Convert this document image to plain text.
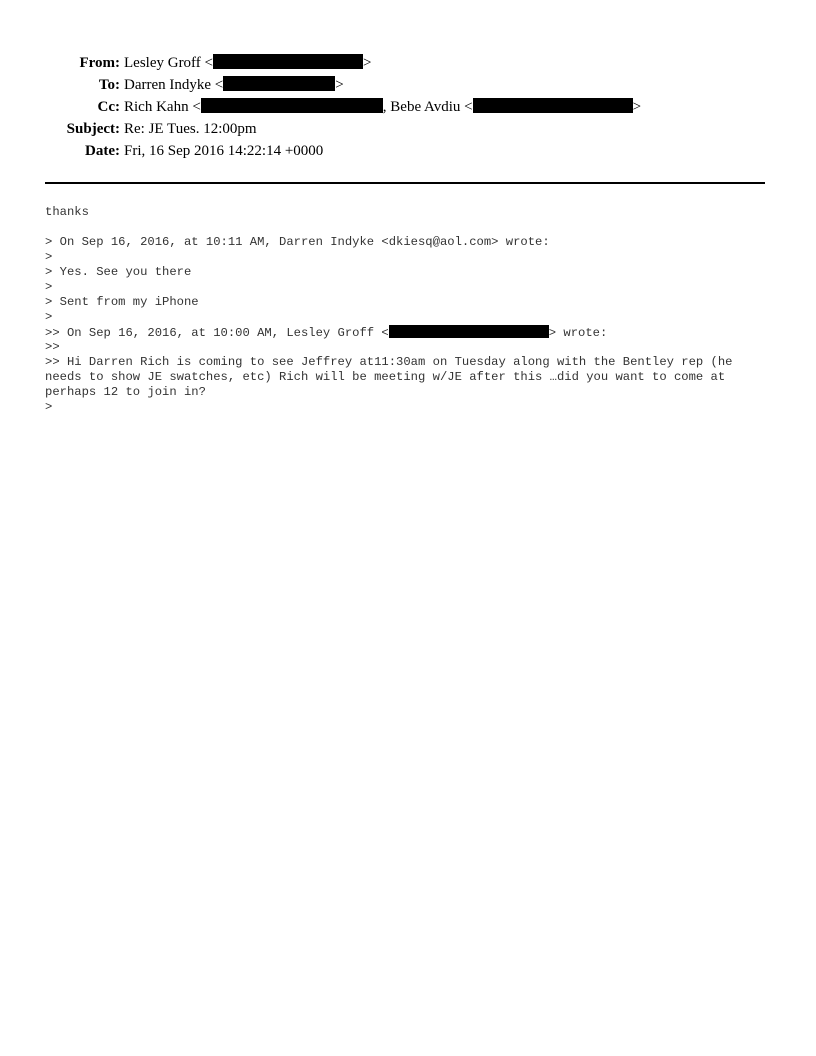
From: Lesley Groff <	>
To: Darren Indyke <	>
Cc: Rich Kahn <	, Bebe Avdiu <	>
Subject: Re: JE Tues. 12:00pm
Date: Fri, 16 Sep 2016 14:22:14 +0000
thanks
> On Sep 16, 2016, at 10:11 AM, Darren Indyke <dkiesq@aol.com> wrote:
>
> Yes. See you there
>
> Sent from my iPhone
>
>> On Sep 16, 2016, at 10:00 AM, Lesley Groff <	> wrote:
>>
>> Hi Darren Rich is coming to see Jeffrey at11:30am on Tuesday along with the Bentley rep (he needs to show JE swatches, etc) Rich will be meeting w/JE after this …did you want to come at perhaps 12 to join in?
>
